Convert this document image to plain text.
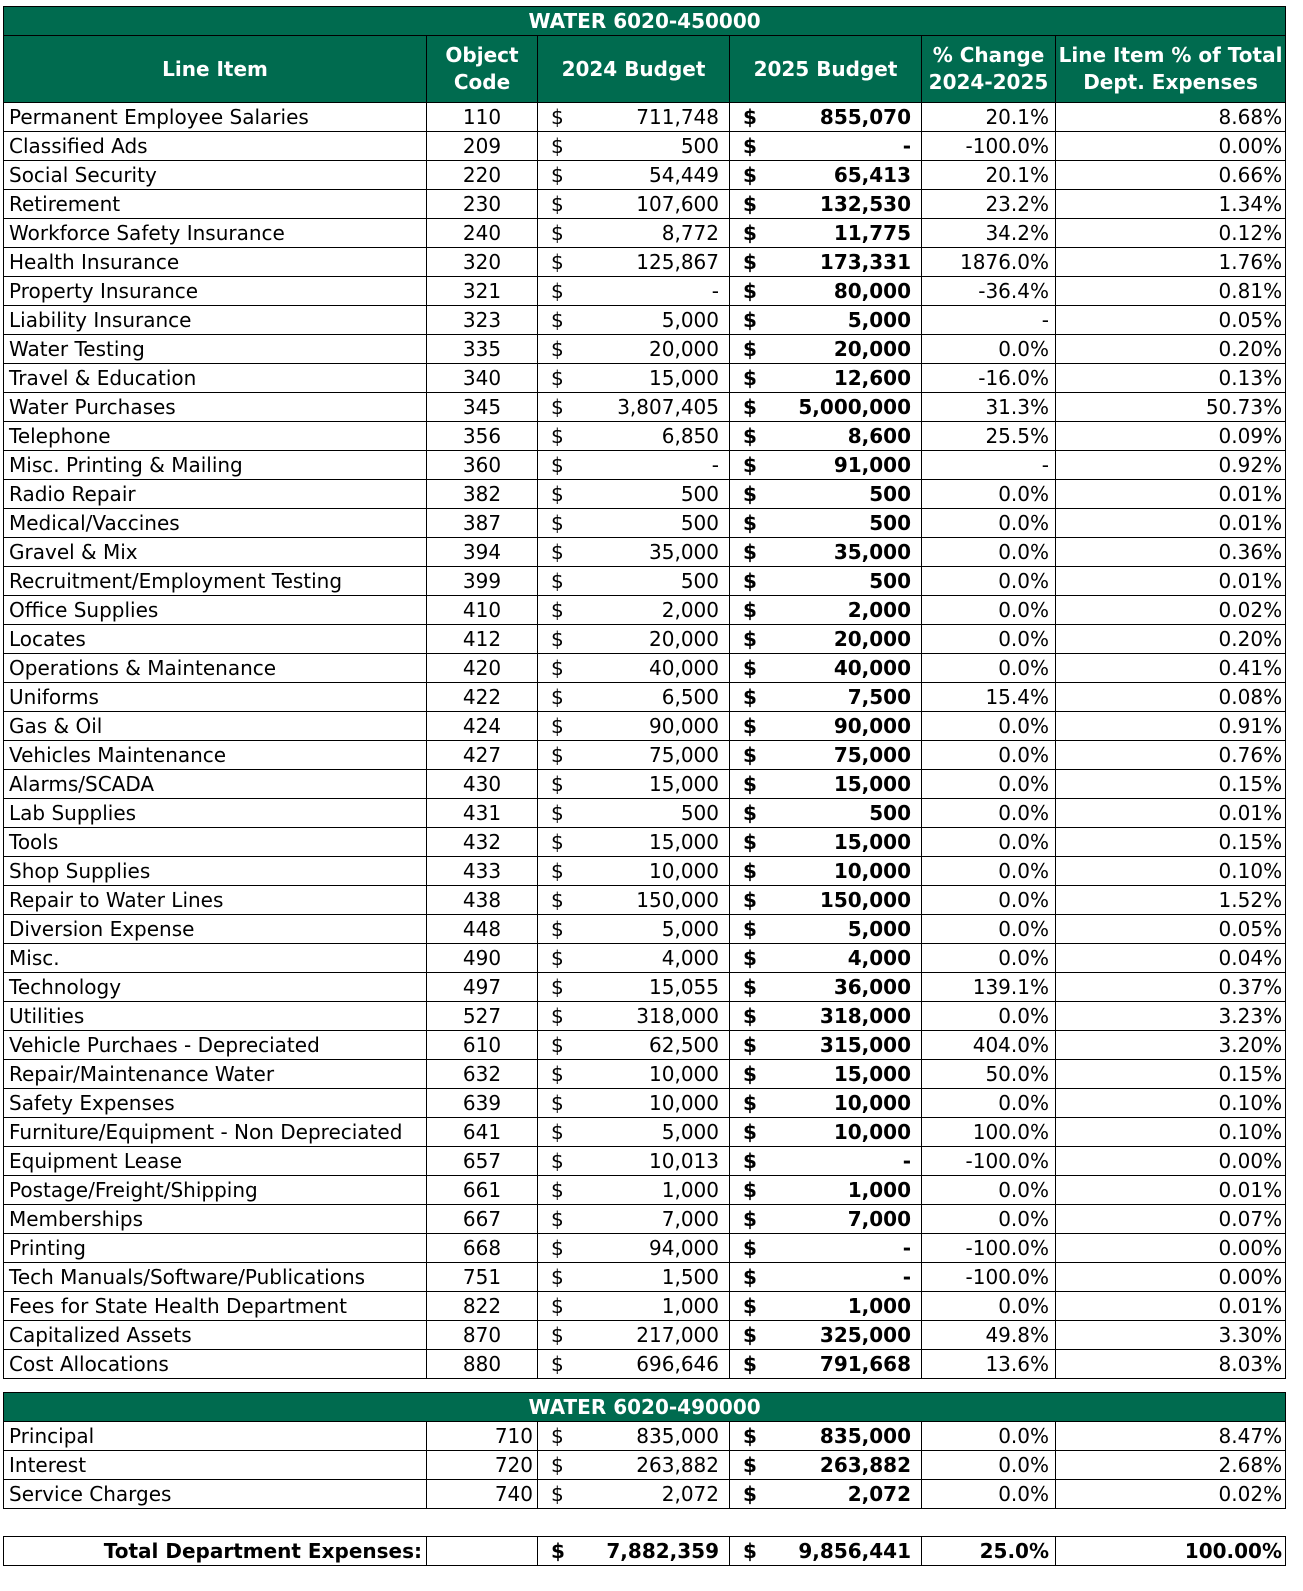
WATER 6020-450000							
Line Item	Object Code	2024 Budget		2025 Budget		% Change 2024-2025	Line Item % of Total Dept. Expenses
Permanent Employee Salaries	110	$	711,748	$	855,070	20.1%	8.68%
Classified Ads	209	$	500	$	-	-100.0%	0.00%
Social Security	220	$	54,449	$	65,413	20.1%	0.66%
Retirement	230	$	107,600	$	132,530	23.2%	1.34%
Workforce Safety Insurance	240	$	8,772	$	11,775	34.2%	0.12%
Health Insurance	320	$	125,867	$	173,331	1876.0%	1.76%
Property Insurance	321	$	-	$	80,000	-36.4%	0.81%
Liability Insurance	323	$	5,000	$	5,000	-	0.05%
Water Testing	335	$	20,000	$	20,000	0.0%	0.20%
Travel & Education	340	$	15,000	$	12,600	-16.0%	0.13%
Water Purchases	345	$	3,807,405	$	5,000,000	31.3%	50.73%
Telephone	356	$	6,850	$	8,600	25.5%	0.09%
Misc. Printing & Mailing	360	$	-	$	91,000	-	0.92%
Radio Repair	382	$	500	$	500	0.0%	0.01%
Medical/Vaccines	387	$	500	$	500	0.0%	0.01%
Gravel & Mix	394	$	35,000	$	35,000	0.0%	0.36%
Recruitment/Employment Testing	399	$	500	$	500	0.0%	0.01%
Office Supplies	410	$	2,000	$	2,000	0.0%	0.02%
Locates	412	$	20,000	$	20,000	0.0%	0.20%
Operations & Maintenance	420	$	40,000	$	40,000	0.0%	0.41%
Uniforms	422	$	6,500	$	7,500	15.4%	0.08%
Gas & Oil	424	$	90,000	$	90,000	0.0%	0.91%
Vehicles Maintenance	427	$	75,000	$	75,000	0.0%	0.76%
Alarms/SCADA	430	$	15,000	$	15,000	0.0%	0.15%
Lab Supplies	431	$	500	$	500	0.0%	0.01%
Tools	432	$	15,000	$	15,000	0.0%	0.15%
Shop Supplies	433	$	10,000	$	10,000	0.0%	0.10%
Repair to Water Lines	438	$	150,000	$	150,000	0.0%	1.52%
Diversion Expense	448	$	5,000	$	5,000	0.0%	0.05%
Misc.	490	$	4,000	$	4,000	0.0%	0.04%
Technology	497	$	15,055	$	36,000	139.1%	0.37%
Utilities	527	$	318,000	$	318,000	0.0%	3.23%
Vehicle Purchaes - Depreciated	610	$	62,500	$	315,000	404.0%	3.20%
Repair/Maintenance Water	632	$	10,000	$	15,000	50.0%	0.15%
Safety Expenses	639	$	10,000	$	10,000	0.0%	0.10%
Furniture/Equipment - Non Depreciated	641	$	5,000	$	10,000	100.0%	0.10%
Equipment Lease	657	$	10,013	$	-	-100.0%	0.00%
Postage/Freight/Shipping	661	$	1,000	$	1,000	0.0%	0.01%
Memberships	667	$	7,000	$	7,000	0.0%	0.07%
Printing	668	$	94,000	$	-	-100.0%	0.00%
Tech Manuals/Software/Publications	751	$	1,500	$	-	-100.0%	0.00%
Fees for State Health Department	822	$	1,000	$	1,000	0.0%	0.01%
Capitalized Assets	870	$	217,000	$	325,000	49.8%	3.30%
Cost Allocations	880	$	696,646	$	791,668	13.6%	8.03%
WATER 6020-490000							
Principal	710	$	835,000	$	835,000	0.0%	8.47%
Interest	720	$	263,882	$	263,882	0.0%	2.68%
Service Charges	740	$	2,072	$	2,072	0.0%	0.02%
Total Department Expenses:		$	7,882,359	$	9,856,441	25.0%	100.00%
